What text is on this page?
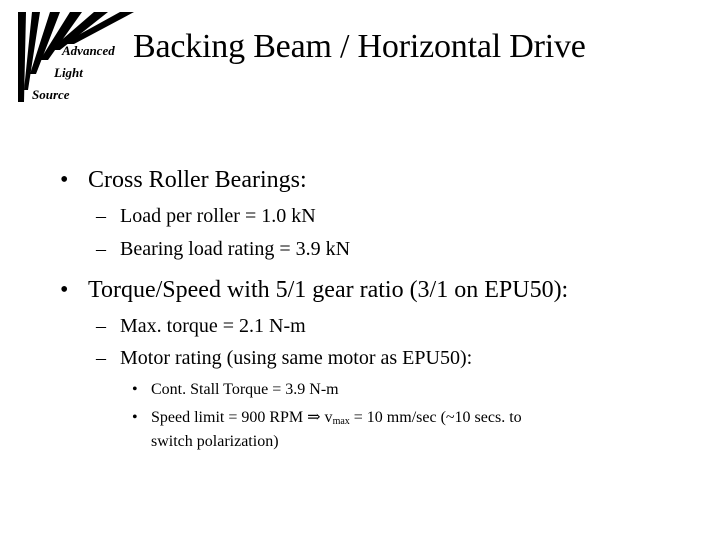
Advanced
Light
Source
Backing Beam / Horizontal Drive
• Cross Roller Bearings:
– Load per roller = 1.0 kN
– Bearing load rating = 3.9 kN
• Torque/Speed with 5/1 gear ratio (3/1 on EPU50):
– Max. torque = 2.1 N-m
– Motor rating (using same motor as EPU50):
• Cont. Stall Torque = 3.9 N-m
• Speed limit = 900 RPM ⇒ $v_{max} = 10$ mm/sec (~10 secs. to
switch polarization)
